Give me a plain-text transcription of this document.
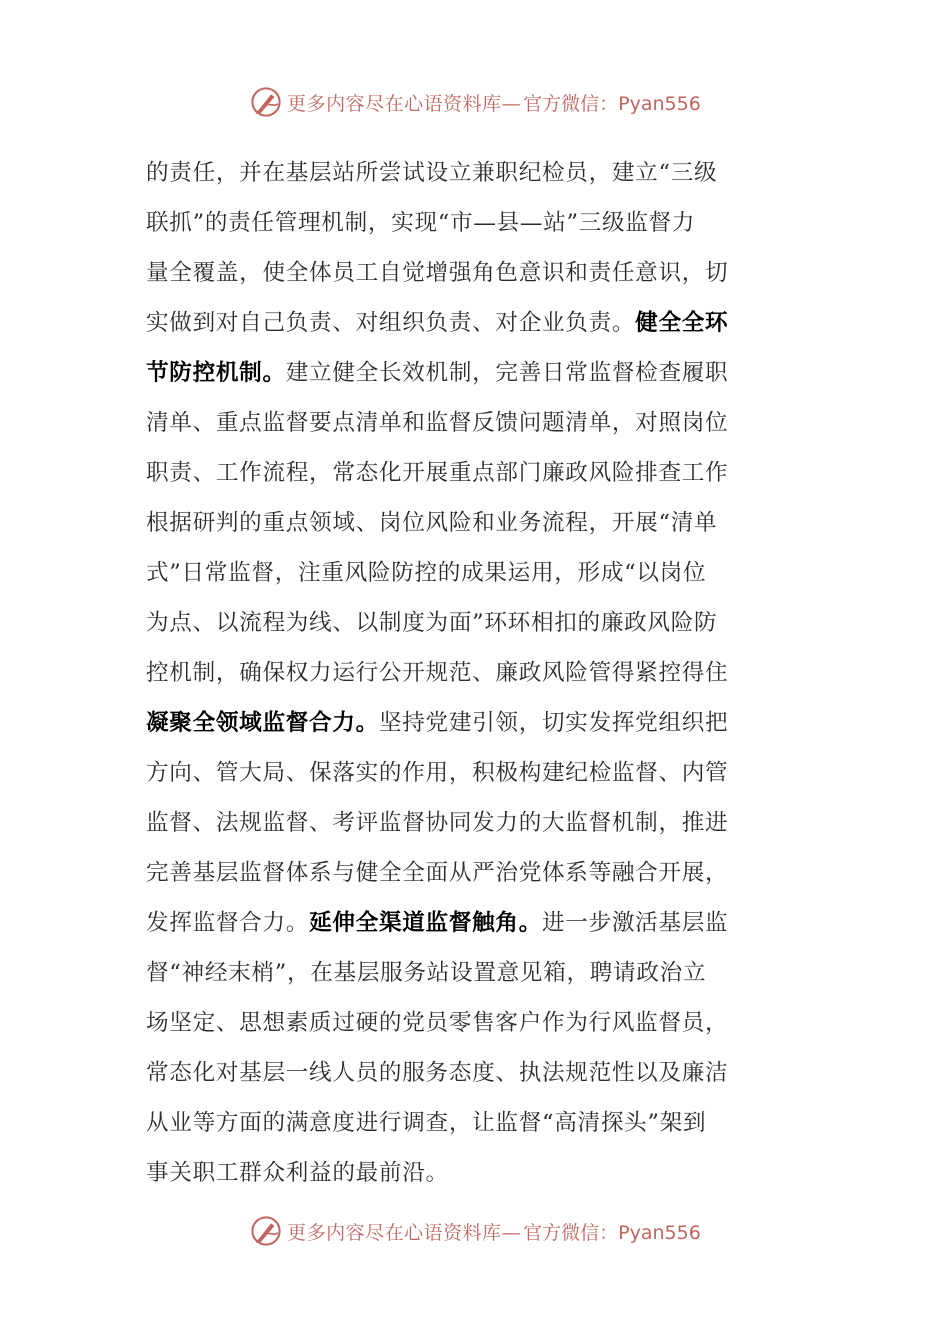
更多内容尽在心语资料库— 官方微信：Pyan556
的责任，并在基层站所尝试设立兼职纪检员，建立“三级
联抓”的责任管理机制，实现“市—县—站”三级监督力
量全覆盖，使全体员工自觉增强角色意识和责任意识，切
实做到对自己负责、对组织负责、对企业负责。健全全环
节防控机制。建立健全长效机制，完善日常监督检查履职
清单、重点监督要点清单和监督反馈问题清单，对照岗位
职责、工作流程，常态化开展重点部门廉政风险排查工作
根据研判的重点领域、岗位风险和业务流程，开展“清单
式”日常监督，注重风险防控的成果运用，形成“以岗位
为点、以流程为线、以制度为面”环环相扣的廉政风险防
控机制，确保权力运行公开规范、廉政风险管得紧控得住
凝聚全领域监督合力。坚持党建引领，切实发挥党组织把
方向、管大局、保落实的作用，积极构建纪检监督、内管
监督、法规监督、考评监督协同发力的大监督机制，推进
完善基层监督体系与健全全面从严治党体系等融合开展，
发挥监督合力。延伸全渠道监督触角。进一步激活基层监
督“神经末梢”，在基层服务站设置意见箱，聘请政治立
场坚定、思想素质过硬的党员零售客户作为行风监督员，
常态化对基层一线人员的服务态度、执法规范性以及廉洁
从业等方面的满意度进行调查，让监督“高清探头”架到
事关职工群众利益的最前沿。
更多内容尽在心语资料库— 官方微信：Pyan556
